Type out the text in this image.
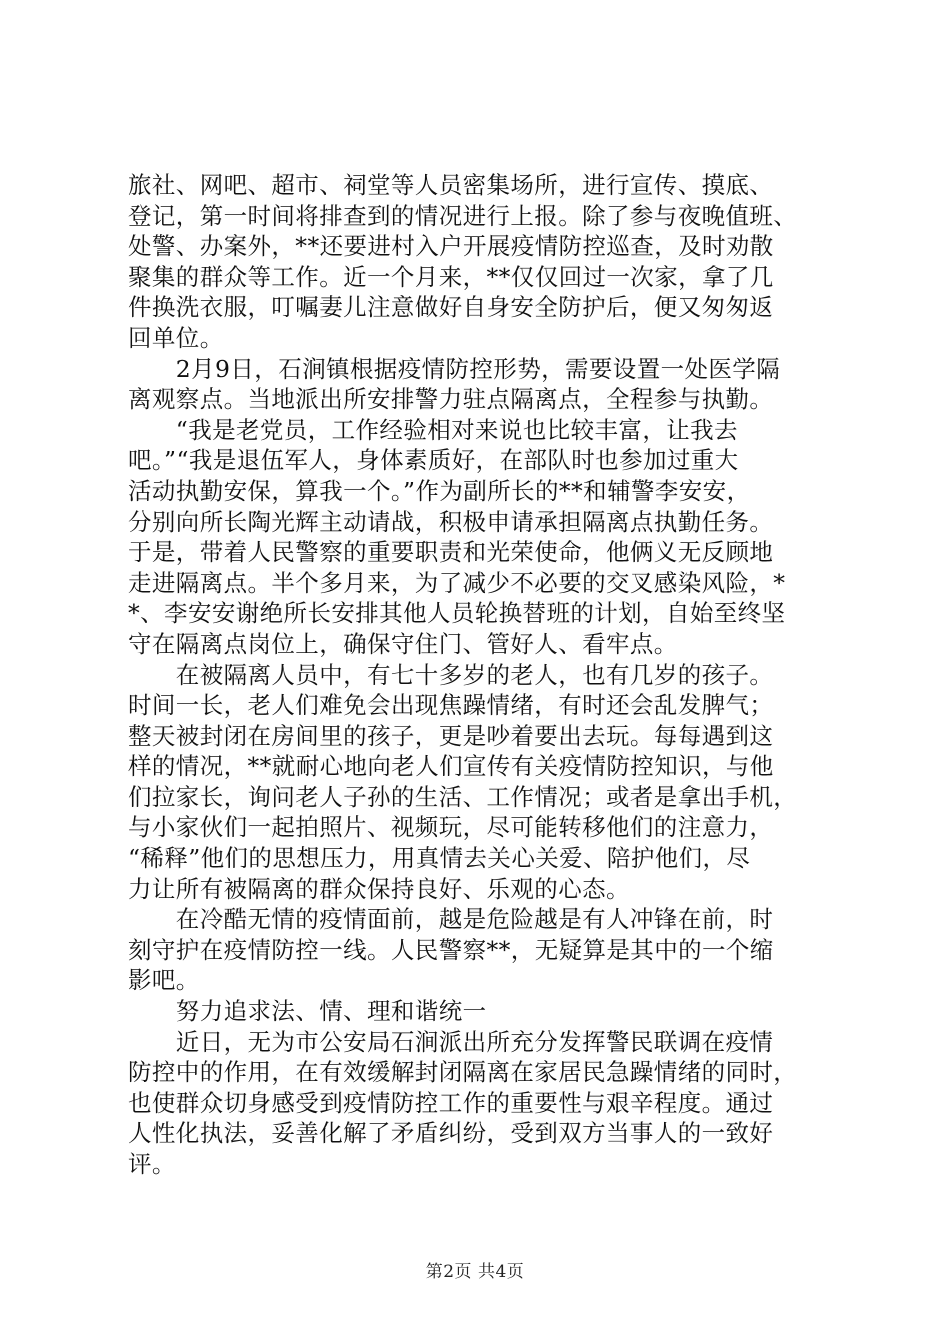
旅社、网吧、超市、祠堂等人员密集场所，进行宣传、摸底、
登记，第一时间将排查到的情况进行上报。除了参与夜晚值班、
处警、办案外，**还要进村入户开展疫情防控巡查，及时劝散
聚集的群众等工作。近一个月来，**仅仅回过一次家，拿了几
件换洗衣服，叮嘱妻儿注意做好自身安全防护后，便又匆匆返
回单位。

　　2月9日，石涧镇根据疫情防控形势，需要设置一处医学隔
离观察点。当地派出所安排警力驻点隔离点，全程参与执勤。

　　“我是老党员，工作经验相对来说也比较丰富，让我去
吧。”“我是退伍军人，身体素质好，在部队时也参加过重大
活动执勤安保，算我一个。”作为副所长的**和辅警李安安，
分别向所长陶光辉主动请战，积极申请承担隔离点执勤任务。
于是，带着人民警察的重要职责和光荣使命，他俩义无反顾地
走进隔离点。半个多月来，为了减少不必要的交叉感染风险，*
*、李安安谢绝所长安排其他人员轮换替班的计划，自始至终坚
守在隔离点岗位上，确保守住门、管好人、看牢点。

　　在被隔离人员中，有七十多岁的老人，也有几岁的孩子。
时间一长，老人们难免会出现焦躁情绪，有时还会乱发脾气；
整天被封闭在房间里的孩子，更是吵着要出去玩。每每遇到这
样的情况，**就耐心地向老人们宣传有关疫情防控知识，与他
们拉家长，询问老人子孙的生活、工作情况；或者是拿出手机，
与小家伙们一起拍照片、视频玩，尽可能转移他们的注意力，
“稀释”他们的思想压力，用真情去关心关爱、陪护他们，尽
力让所有被隔离的群众保持良好、乐观的心态。

　　在冷酷无情的疫情面前，越是危险越是有人冲锋在前，时
刻守护在疫情防控一线。人民警察**，无疑算是其中的一个缩
影吧。

　　努力追求法、情、理和谐统一

　　近日，无为市公安局石涧派出所充分发挥警民联调在疫情
防控中的作用，在有效缓解封闭隔离在家居民急躁情绪的同时，
也使群众切身感受到疫情防控工作的重要性与艰辛程度。通过
人性化执法，妥善化解了矛盾纠纷，受到双方当事人的一致好
评。

第2页 共4页
